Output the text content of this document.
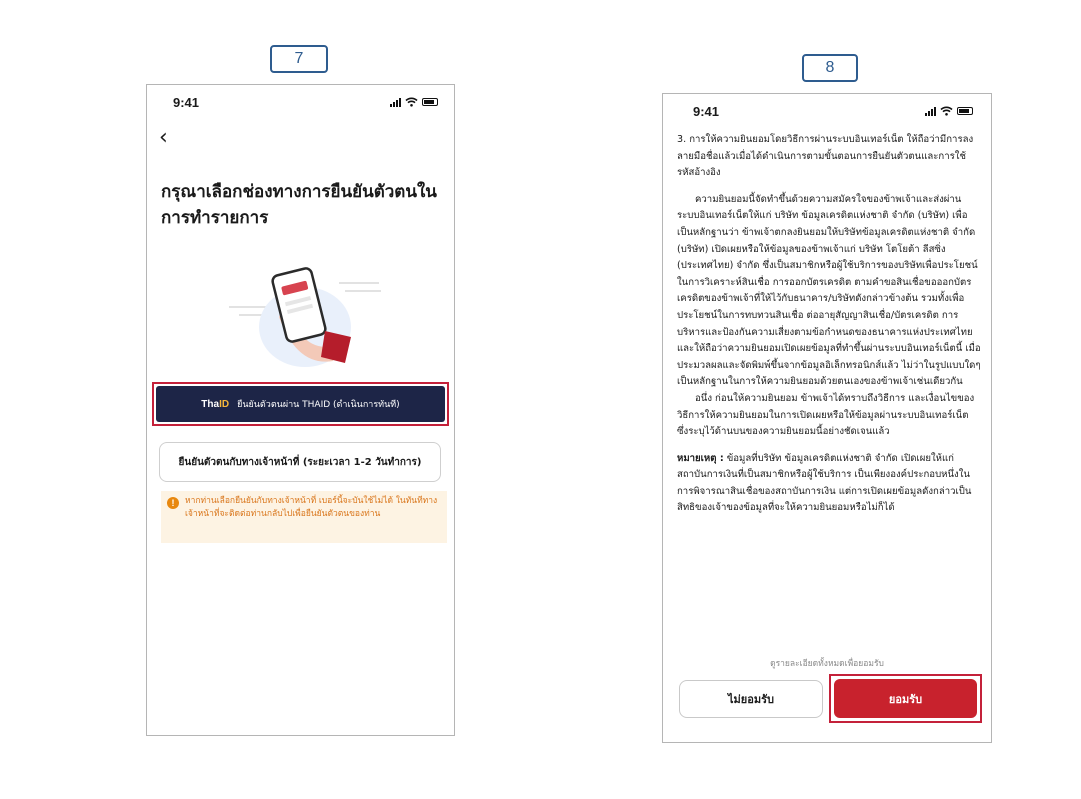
7
8
9:41
‹
กรุณาเลือกช่องทางการยืนยันตัวตนในการทำรายการ
ThaID ยืนยันตัวตนผ่าน THAID (ดำเนินการทันที)
ยืนยันตัวตนกับทางเจ้าหน้าที่ (ระยะเวลา 1-2 วันทำการ)
!	หากท่านเลือกยืนยันกับทางเจ้าหน้าที่ เบอร์นี้จะบันใช้ไม่ได้ ในทันทีทางเจ้าหน้าที่จะติดต่อท่านกลับไปเพื่อยืนยันตัวตนของท่าน
9:41

3. การให้ความยินยอมโดยวิธีการผ่านระบบอินเทอร์เน็ต ให้ถือว่ามีการลงลายมือชื่อแล้วเมื่อได้ดำเนินการตามขั้นตอนการยืนยันตัวตนและการใช้รหัสอ้างอิง

ความยินยอมนี้จัดทำขึ้นด้วยความสมัครใจของข้าพเจ้าและส่งผ่านระบบอินเทอร์เน็ตให้แก่ บริษัท ข้อมูลเครดิตแห่งชาติ จำกัด (บริษัท) เพื่อเป็นหลักฐานว่า ข้าพเจ้าตกลงยินยอมให้บริษัทข้อมูลเครดิตแห่งชาติ จำกัด (บริษัท) เปิดเผยหรือให้ข้อมูลของข้าพเจ้าแก่ บริษัท โตโยต้า ลีสซิ่ง (ประเทศไทย) จำกัด ซึ่งเป็นสมาชิกหรือผู้ใช้บริการของบริษัทเพื่อประโยชน์ในการวิเคราะห์สินเชื่อ การออกบัตรเครดิต ตามคำขอสินเชื่อขอออกบัตรเครดิตของข้าพเจ้าที่ให้ไว้กับธนาคาร/บริษัทดังกล่าวข้างต้น รวมทั้งเพื่อประโยชน์ในการทบทวนสินเชื่อ ต่ออายุสัญญาสินเชื่อ/บัตรเครดิต การบริหารและป้องกันความเสี่ยงตามข้อกำหนดของธนาคารแห่งประเทศไทย และให้ถือว่าความยินยอมเปิดเผยข้อมูลที่ทำขึ้นผ่านระบบอินเทอร์เน็ตนี้ เมื่อประมวลผลและจัดพิมพ์ขึ้นจากข้อมูลอิเล็กทรอนิกส์แล้ว ไม่ว่าในรูปแบบใดๆ เป็นหลักฐานในการให้ความยินยอมด้วยตนเองของข้าพเจ้าเช่นเดียวกัน

อนึ่ง ก่อนให้ความยินยอม ข้าพเจ้าได้ทราบถึงวิธีการ และเงื่อนไขของวิธีการให้ความยินยอมในการเปิดเผยหรือให้ข้อมูลผ่านระบบอินเทอร์เน็ต ซึ่งระบุไว้ด้านบนของความยินยอมนี้อย่างชัดเจนแล้ว

หมายเหตุ : ข้อมูลที่บริษัท ข้อมูลเครดิตแห่งชาติ จำกัด เปิดเผยให้แก่สถาบันการเงินที่เป็นสมาชิกหรือผู้ใช้บริการ เป็นเพียงองค์ประกอบหนึ่งในการพิจารณาสินเชื่อของสถาบันการเงิน แต่การเปิดเผยข้อมูลดังกล่าวเป็นสิทธิของเจ้าของข้อมูลที่จะให้ความยินยอมหรือไม่ก็ได้

ดูรายละเอียดทั้งหมดเพื่อยอมรับ
ไม่ยอมรับ	ยอมรับ
